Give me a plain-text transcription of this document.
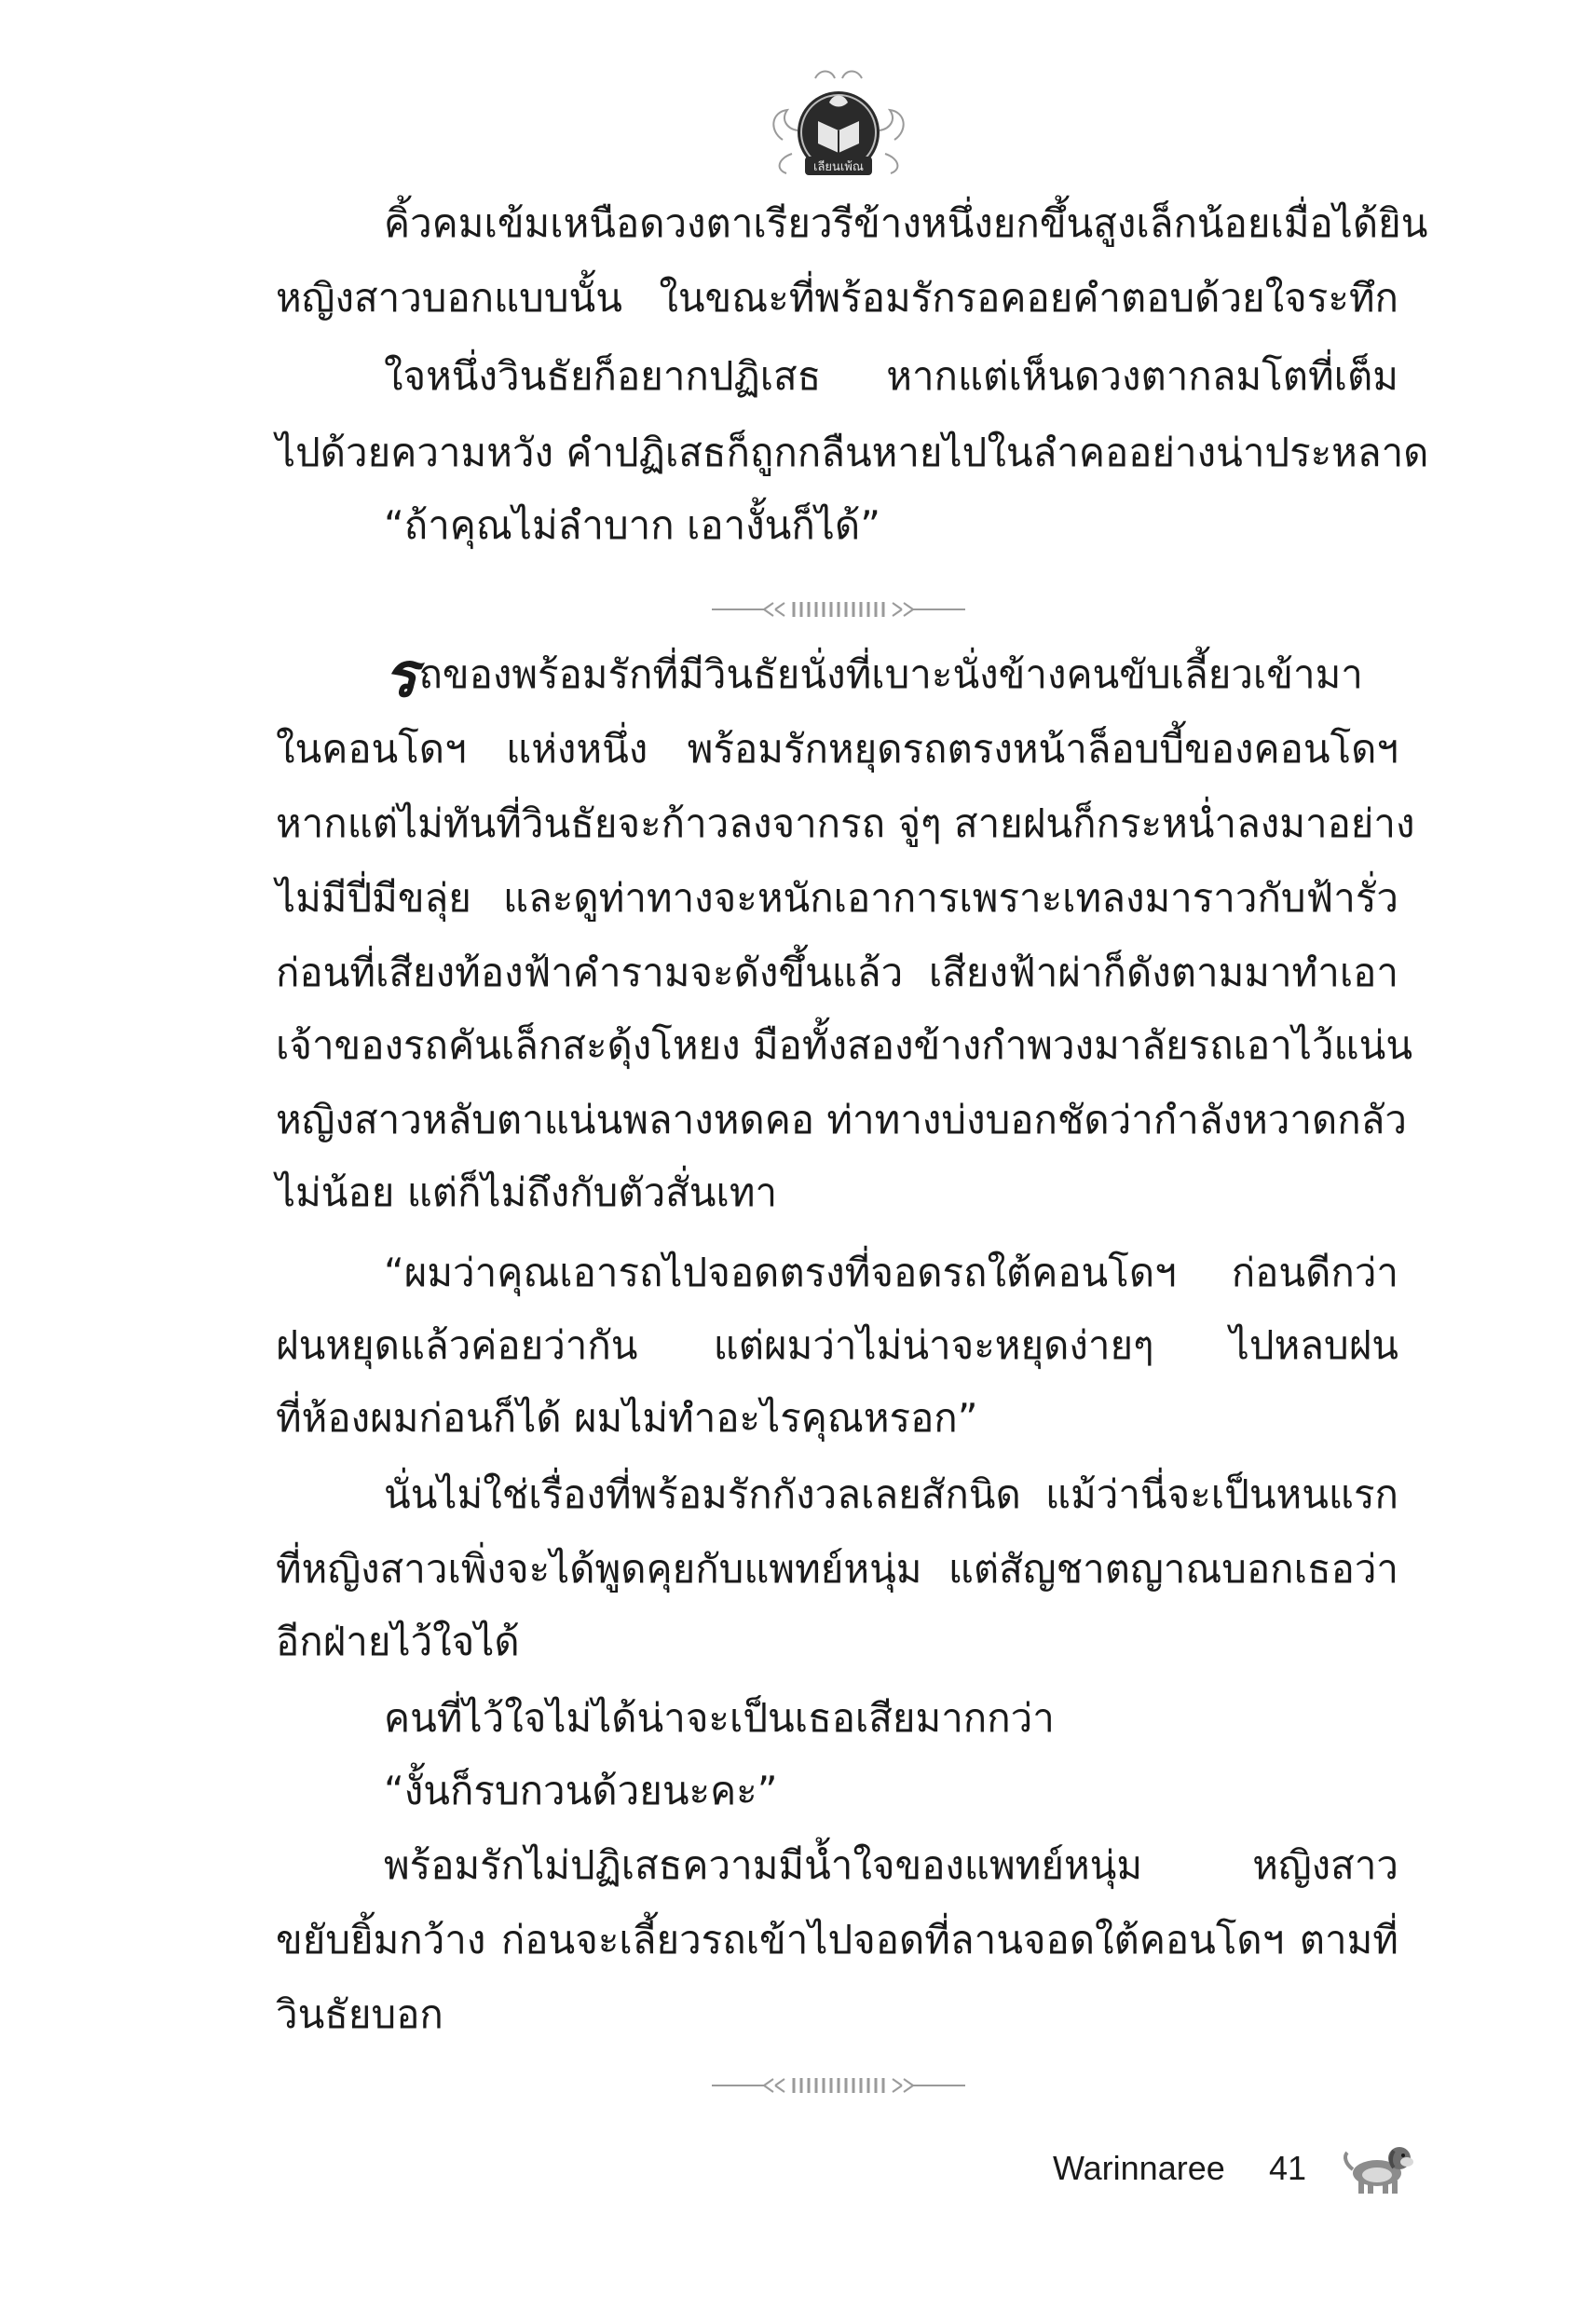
เลียนเพ้ณ
คิ้วคมเข้มเหนือดวงตาเรียวรีข้างหนึ่งยกขึ้นสูงเล็กน้อยเมื่อได้ยิน
หญิงสาวบอกแบบนั้น ในขณะที่พร้อมรักรอคอยคำตอบด้วยใจระทึก
ใจหนึ่งวินธัยก็อยากปฏิเสธ หากแต่เห็นดวงตากลมโตที่เต็ม
ไปด้วยความหวัง คำปฏิเสธก็ถูกกลืนหายไปในลำคออย่างน่าประหลาด
“ถ้าคุณไม่ลำบาก เอางั้นก็ได้”
รถของพร้อมรักที่มีวินธัยนั่งที่เบาะนั่งข้างคนขับเลี้ยวเข้ามา
ในคอนโดฯ แห่งหนึ่ง พร้อมรักหยุดรถตรงหน้าล็อบบี้ของคอนโดฯ
หากแต่ไม่ทันที่วินธัยจะก้าวลงจากรถ จู่ๆ สายฝนก็กระหน่ำลงมาอย่าง
ไม่มีปี่มีขลุ่ย และดูท่าทางจะหนักเอาการเพราะเทลงมาราวกับฟ้ารั่ว
ก่อนที่เสียงท้องฟ้าคำรามจะดังขึ้นแล้ว เสียงฟ้าผ่าก็ดังตามมาทำเอา
เจ้าของรถคันเล็กสะดุ้งโหยง มือทั้งสองข้างกำพวงมาลัยรถเอาไว้แน่น
หญิงสาวหลับตาแน่นพลางหดคอ ท่าทางบ่งบอกชัดว่ากำลังหวาดกลัว
ไม่น้อย แต่ก็ไม่ถึงกับตัวสั่นเทา
“ผมว่าคุณเอารถไปจอดตรงที่จอดรถใต้คอนโดฯ ก่อนดีกว่า
ฝนหยุดแล้วค่อยว่ากัน แต่ผมว่าไม่น่าจะหยุดง่ายๆ ไปหลบฝน
ที่ห้องผมก่อนก็ได้ ผมไม่ทำอะไรคุณหรอก”
นั่นไม่ใช่เรื่องที่พร้อมรักกังวลเลยสักนิด แม้ว่านี่จะเป็นหนแรก
ที่หญิงสาวเพิ่งจะได้พูดคุยกับแพทย์หนุ่ม แต่สัญชาตญาณบอกเธอว่า
อีกฝ่ายไว้ใจได้
คนที่ไว้ใจไม่ได้น่าจะเป็นเธอเสียมากกว่า
“งั้นก็รบกวนด้วยนะคะ”
พร้อมรักไม่ปฏิเสธความมีน้ำใจของแพทย์หนุ่ม หญิงสาว
ขยับยิ้มกว้าง ก่อนจะเลี้ยวรถเข้าไปจอดที่ลานจอดใต้คอนโดฯ ตามที่
วินธัยบอก
Warinnaree 41
